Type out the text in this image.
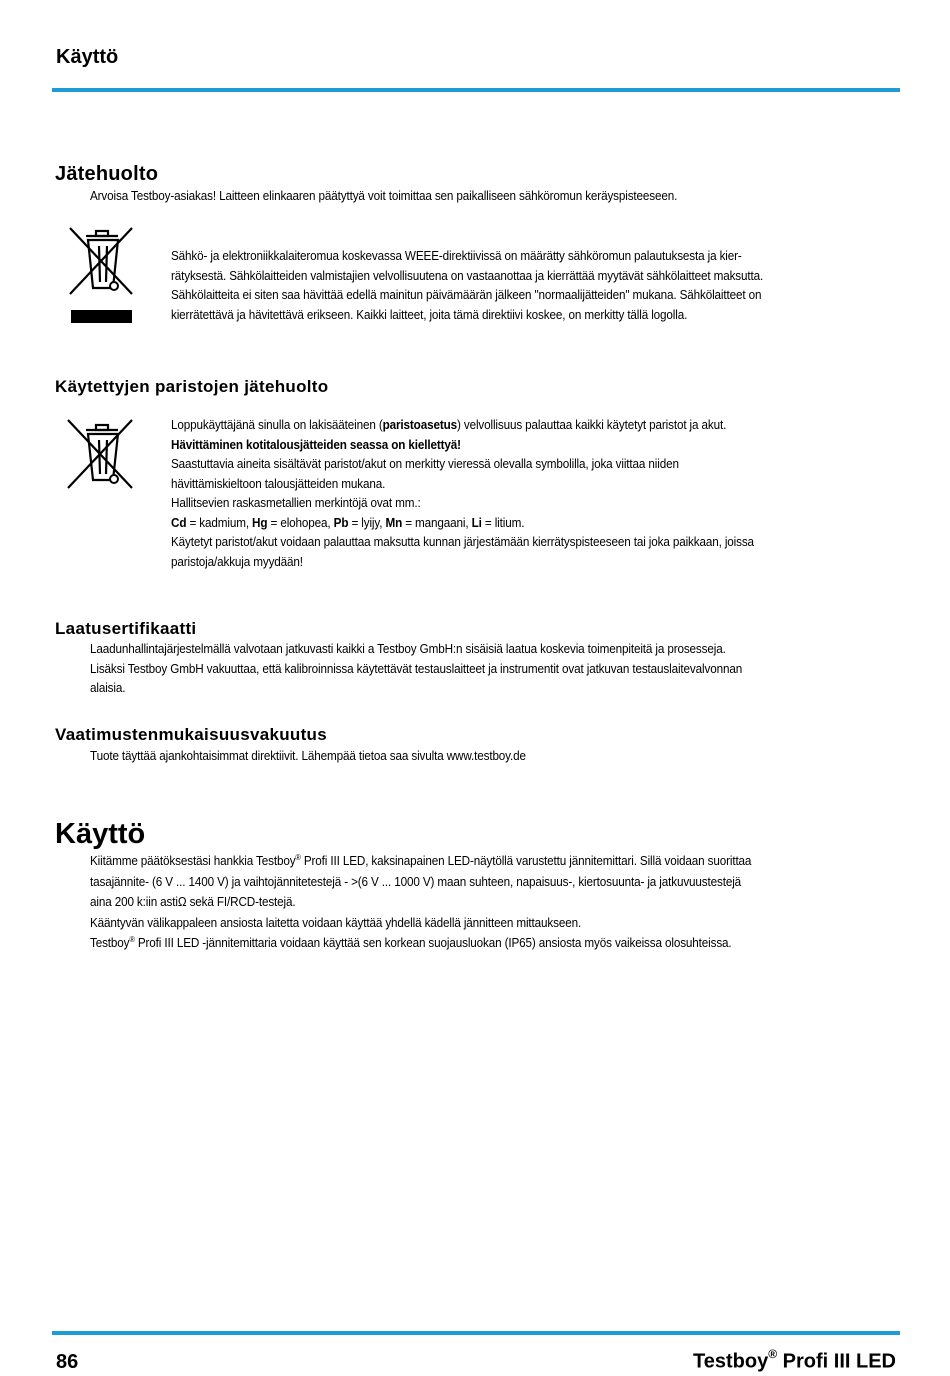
Käyttö
Jätehuolto
Arvoisa Testboy-asiakas! Laitteen elinkaaren päätyttyä voit toimittaa sen paikalliseen sähköromun keräyspisteeseen.
Sähkö- ja elektroniikkalaiteromua koskevassa WEEE-direktiivissä on määrätty sähköromun palautuksesta ja kier-
rätyksestä. Sähkölaitteiden valmistajien velvollisuutena on vastaanottaa ja kierrättää myytävät sähkölaitteet maksutta.
Sähkölaitteita ei siten saa hävittää edellä mainitun päivämäärän jälkeen "normaalijätteiden" mukana. Sähkölaitteet on
kierrätettävä ja hävitettävä erikseen. Kaikki laitteet, joita tämä direktiivi koskee, on merkitty tällä logolla.
Käytettyjen paristojen jätehuolto
Loppukäyttäjänä sinulla on lakisääteinen (paristoasetus) velvollisuus palauttaa kaikki käytetyt paristot ja akut.
Hävittäminen kotitalousjätteiden seassa on kiellettyä!
Saastuttavia aineita sisältävät paristot/akut on merkitty vieressä olevalla symbolilla, joka viittaa niiden
hävittämiskieltoon talousjätteiden mukana.
Hallitsevien raskasmetallien merkintöjä ovat mm.:
Cd = kadmium, Hg = elohopea, Pb = lyijy, Mn = mangaani, Li = litium.
Käytetyt paristot/akut voidaan palauttaa maksutta kunnan järjestämään kierrätyspisteeseen tai joka paikkaan, joissa
paristoja/akkuja myydään!
Laatusertifikaatti
Laadunhallintajärjestelmällä valvotaan jatkuvasti kaikki a Testboy GmbH:n sisäisiä laatua koskevia toimenpiteitä ja prosesseja.
Lisäksi Testboy GmbH vakuuttaa, että kalibroinnissa käytettävät testauslaitteet ja instrumentit ovat jatkuvan testauslaitevalvonnan
alaisia.
Vaatimustenmukaisuusvakuutus
Tuote täyttää ajankohtaisimmat direktiivit. Lähempää tietoa saa sivulta www.testboy.de
Käyttö
Kiitämme päätöksestäsi hankkia Testboy® Profi III LED, kaksinapainen LED-näytöllä varustettu jännitemittari. Sillä voidaan suorittaa
tasajännite- (6 V ... 1400 V) ja vaihtojännitetestejä - >(6 V ... 1000 V) maan suhteen, napaisuus-, kiertosuunta- ja jatkuvuustestejä
aina 200 k:iin astiΩ sekä FI/RCD-testejä.
Kääntyvän välikappaleen ansiosta laitetta voidaan käyttää yhdellä kädellä jännitteen mittaukseen.
Testboy® Profi III LED -jännitemittaria voidaan käyttää sen korkean suojausluokan (IP65) ansiosta myös vaikeissa olosuhteissa.
86	Testboy® Profi III LED
